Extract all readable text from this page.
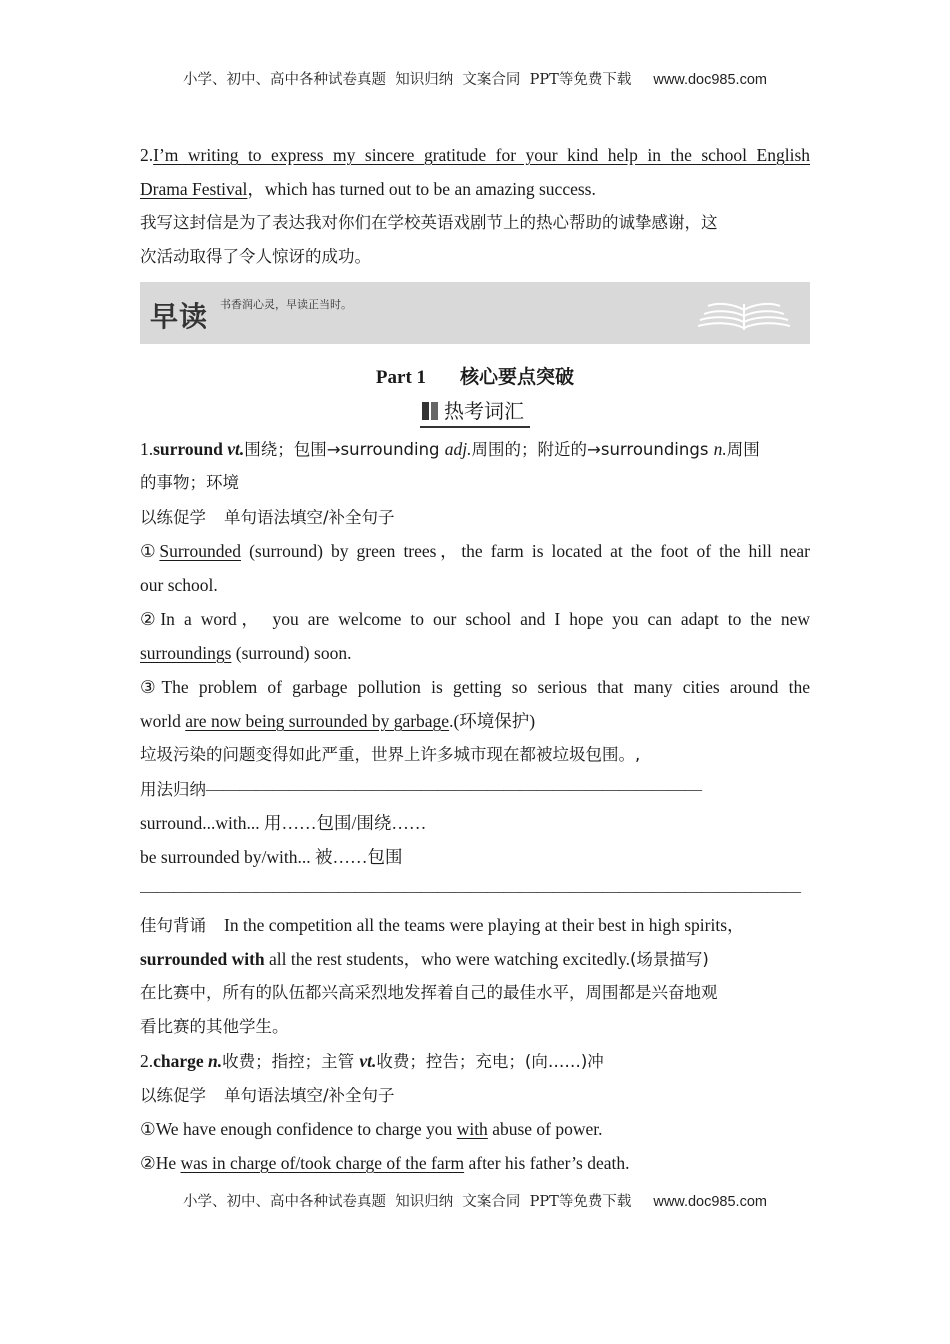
小学、初中、高中各种试卷真题  知识归纳  文案合同  PPT等免费下载 www.doc985.com
2.I’m writing to express my sincere gratitude for your kind help in the school English
Drama Festival，which has turned out to be an amazing success.
我写这封信是为了表达我对你们在学校英语戏剧节上的热心帮助的诚挚感谢，这
次活动取得了令人惊讶的成功。
早读 书香润心灵，早读正当时。
Part 1 核心要点突破
热考词汇
1.surround vt.围绕；包围→surrounding adj.周围的；附近的→surroundings n.周围
的事物；环境
以练促学 单句语法填空/补全句子
①Surrounded (surround) by green trees，the farm is located at the foot of the hill near
our school.
②In a word， you are welcome to our school and I hope you can adapt to the new
surroundings (surround) soon.
③The problem of garbage pollution is getting so serious that many cities around the
world are now being surrounded by garbage.(环境保护)
垃圾污染的问题变得如此严重，世界上许多城市现在都被垃圾包围。,
用法归纳——————————————————————————————
surround...with... 用……包围/围绕……
be surrounded by/with... 被……包围
————————————————————————————————————————
佳句背诵 In the competition all the teams were playing at their best in high spirits，
surrounded with all the rest students，who were watching excitedly.(场景描写)
在比赛中，所有的队伍都兴高采烈地发挥着自己的最佳水平，周围都是兴奋地观
看比赛的其他学生。
2.charge n.收费；指控；主管 vt.收费；控告；充电；(向……)冲
以练促学 单句语法填空/补全句子
①We have enough confidence to charge you with abuse of power.
②He was in charge of/took charge of the farm after his father’s death.
小学、初中、高中各种试卷真题  知识归纳  文案合同  PPT等免费下载 www.doc985.com
